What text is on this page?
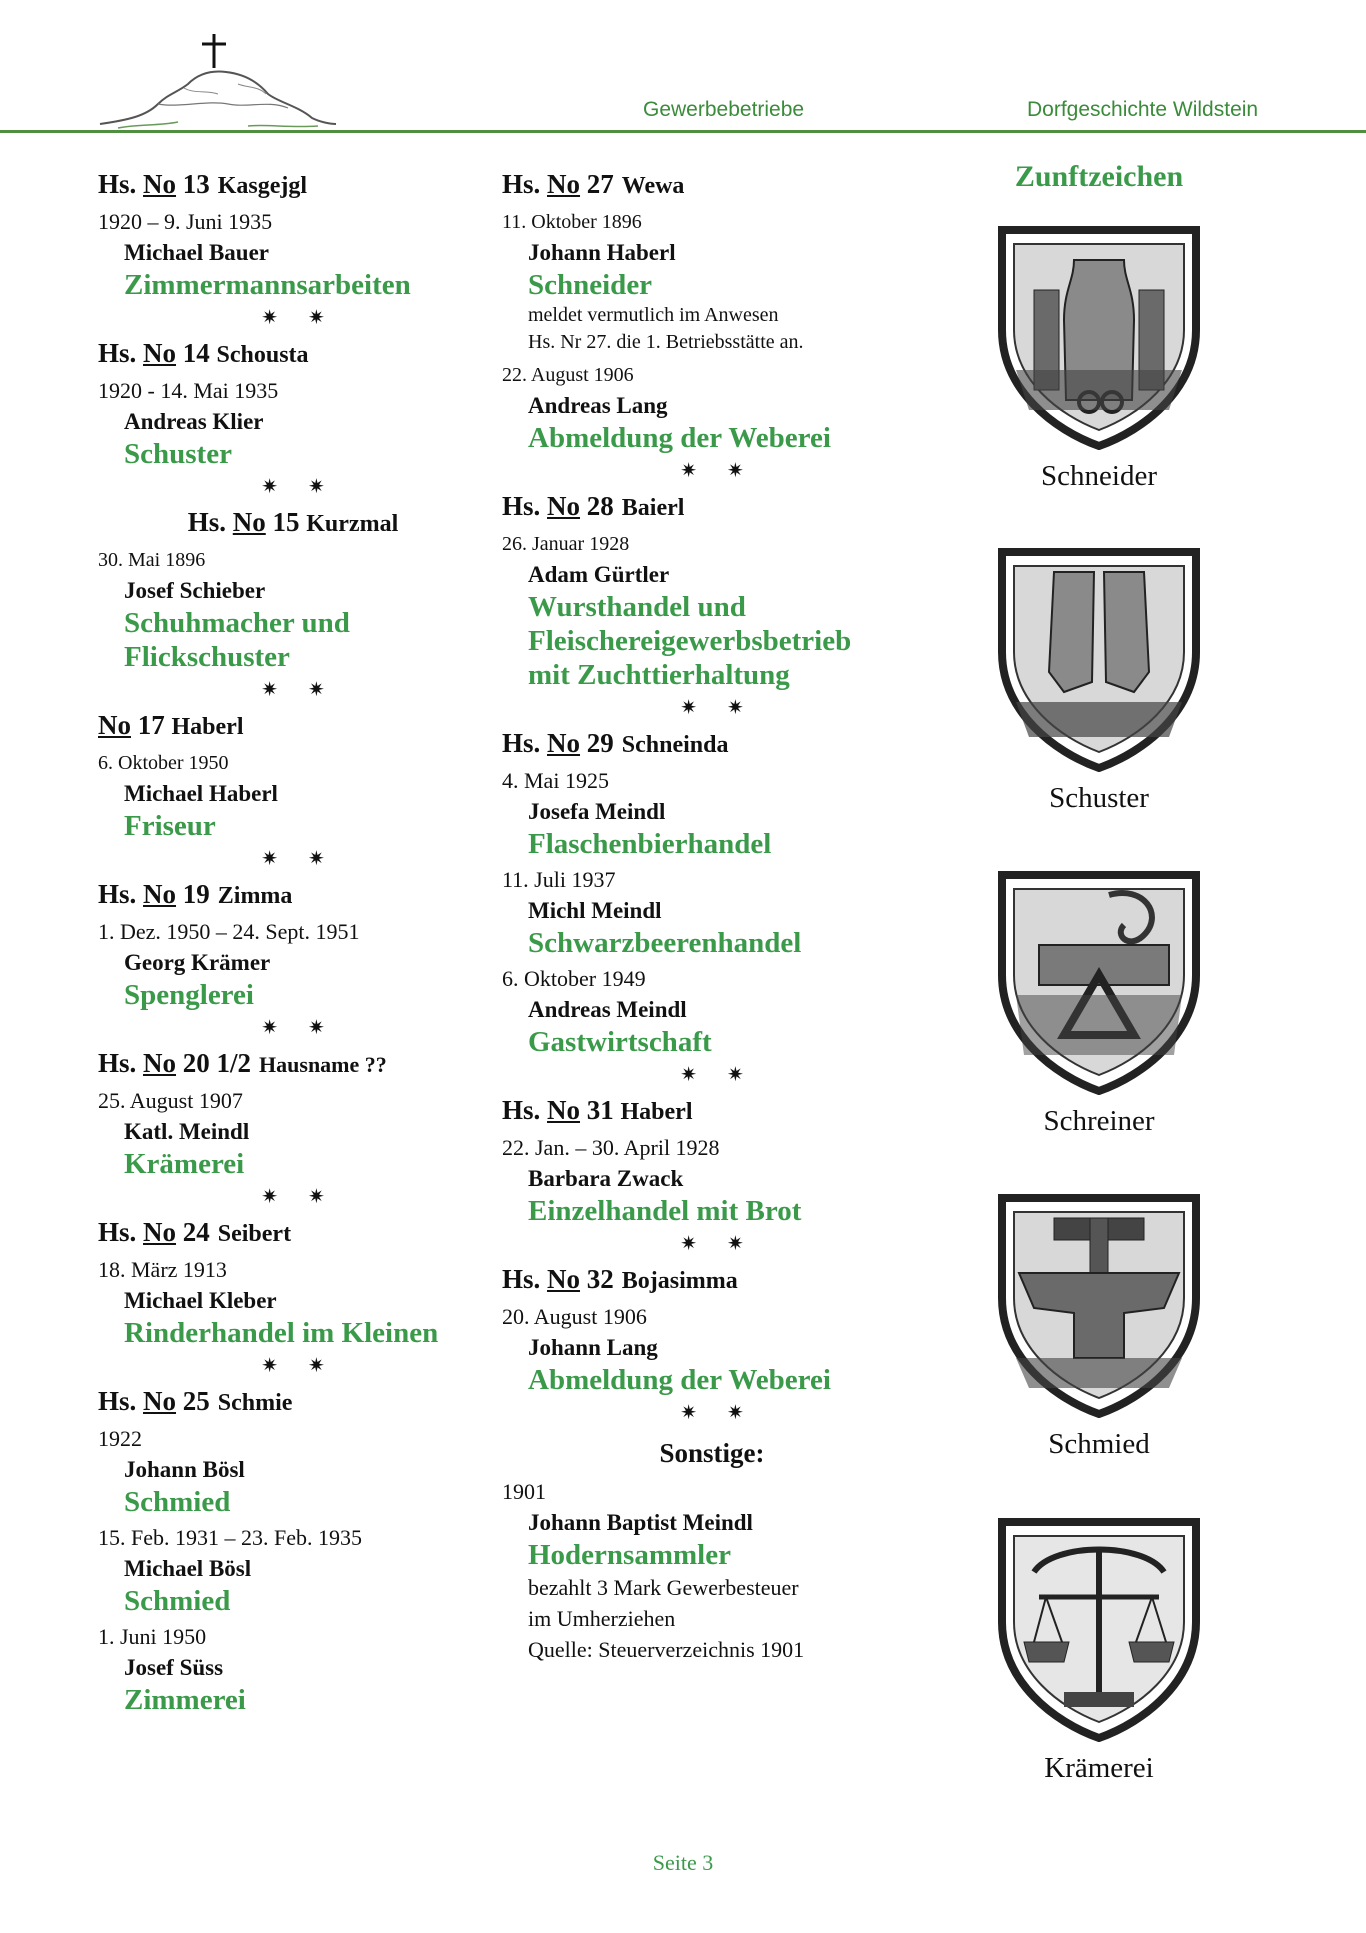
Gewerbebetriebe	Dorfgeschichte Wildstein
Hs. No 13 Kasgejgl
1920 – 9. Juni 1935
Michael Bauer
Zimmermannsarbeiten
✷✷
Hs. No 14 Schousta
1920 - 14. Mai 1935
Andreas Klier
Schuster
✷✷
Hs. No 15 Kurzmal
30. Mai 1896
Josef Schieber
Schuhmacher und
Flickschuster
✷✷
No 17 Haberl
6. Oktober 1950
Michael Haberl
Friseur
✷✷
Hs. No 19 Zimma
1. Dez. 1950 – 24. Sept. 1951
Georg Krämer
Spenglerei
✷✷
Hs. No 20 1/2 Hausname ??
25. August 1907
Katl. Meindl
Krämerei
✷✷
Hs. No 24 Seibert
18. März 1913
Michael Kleber
Rinderhandel im Kleinen
✷✷
Hs. No 25 Schmie
1922
Johann Bösl
Schmied
15. Feb. 1931 – 23. Feb. 1935
Michael Bösl
Schmied
1. Juni 1950
Josef Süss
Zimmerei
Hs. No 27 Wewa
11. Oktober 1896
Johann Haberl
Schneider
meldet vermutlich im Anwesen
Hs. Nr 27. die 1. Betriebsstätte an.
22. August 1906
Andreas Lang
Abmeldung der Weberei
✷✷
Hs. No 28 Baierl
26. Januar 1928
Adam Gürtler
Wursthandel und
Fleischereigewerbsbetrieb
mit Zuchttierhaltung
✷✷
Hs. No 29 Schneinda
4. Mai 1925
Josefa Meindl
Flaschenbierhandel
11. Juli 1937
Michl Meindl
Schwarzbeerenhandel
6. Oktober 1949
Andreas Meindl
Gastwirtschaft
✷✷
Hs. No 31 Haberl
22. Jan. – 30. April 1928
Barbara Zwack
Einzelhandel mit Brot
✷✷
Hs. No 32 Bojasimma
20. August 1906
Johann Lang
Abmeldung der Weberei
✷✷
Sonstige:
1901
Johann Baptist Meindl
Hodernsammler
bezahlt 3 Mark Gewerbesteuer
im Umherziehen
Quelle: Steuerverzeichnis 1901
Zunftzeichen
Schneider
Schuster
Schreiner
Schmied
Krämerei
Seite 3
